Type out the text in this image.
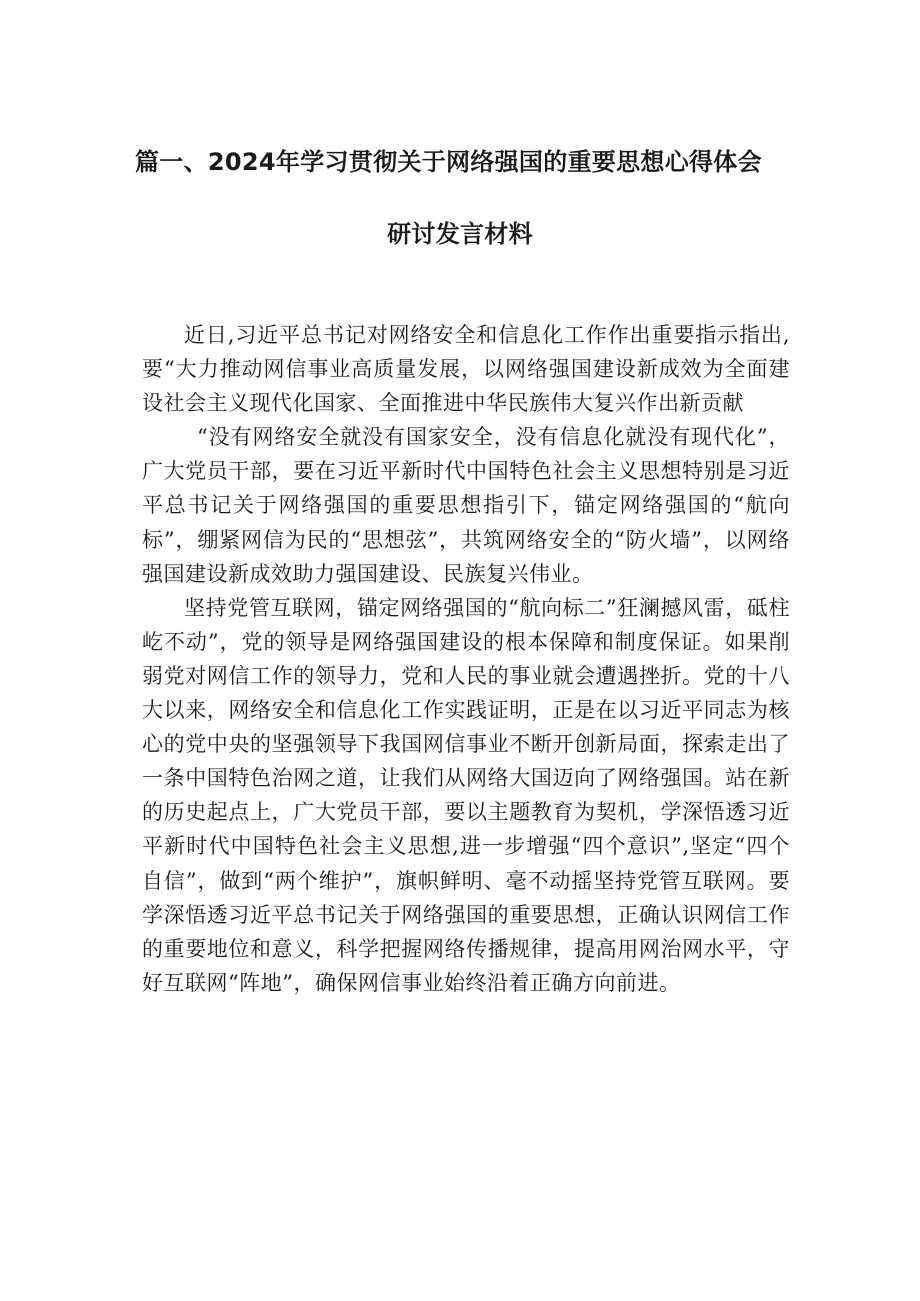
篇一、2024年学习贯彻关于网络强国的重要思想心得体会
研讨发言材料

近日,习近平总书记对网络安全和信息化工作作出重要指示指出,要“大力推动网信事业高质量发展，以网络强国建设新成效为全面建设社会主义现代化国家、全面推进中华民族伟大复兴作出新贡献

“没有网络安全就没有国家安全，没有信息化就没有现代化”，广大党员干部，要在习近平新时代中国特色社会主义思想特别是习近平总书记关于网络强国的重要思想指引下，锚定网络强国的“航向标”，绷紧网信为民的“思想弦”，共筑网络安全的“防火墙”，以网络强国建设新成效助力强国建设、民族复兴伟业。

坚持党管互联网，锚定网络强国的“航向标二”狂澜撼风雷，砥柱屹不动”，党的领导是网络强国建设的根本保障和制度保证。如果削弱党对网信工作的领导力，党和人民的事业就会遭遇挫折。党的十八大以来，网络安全和信息化工作实践证明，正是在以习近平同志为核心的党中央的坚强领导下我国网信事业不断开创新局面，探索走出了一条中国特色治网之道，让我们从网络大国迈向了网络强国。站在新的历史起点上，广大党员干部，要以主题教育为契机，学深悟透习近平新时代中国特色社会主义思想,进一步增强“四个意识”,坚定“四个自信”，做到“两个维护”，旗帜鲜明、毫不动摇坚持党管互联网。要学深悟透习近平总书记关于网络强国的重要思想，正确认识网信工作的重要地位和意义，科学把握网络传播规律，提高用网治网水平，守好互联网“阵地”，确保网信事业始终沿着正确方向前进。
